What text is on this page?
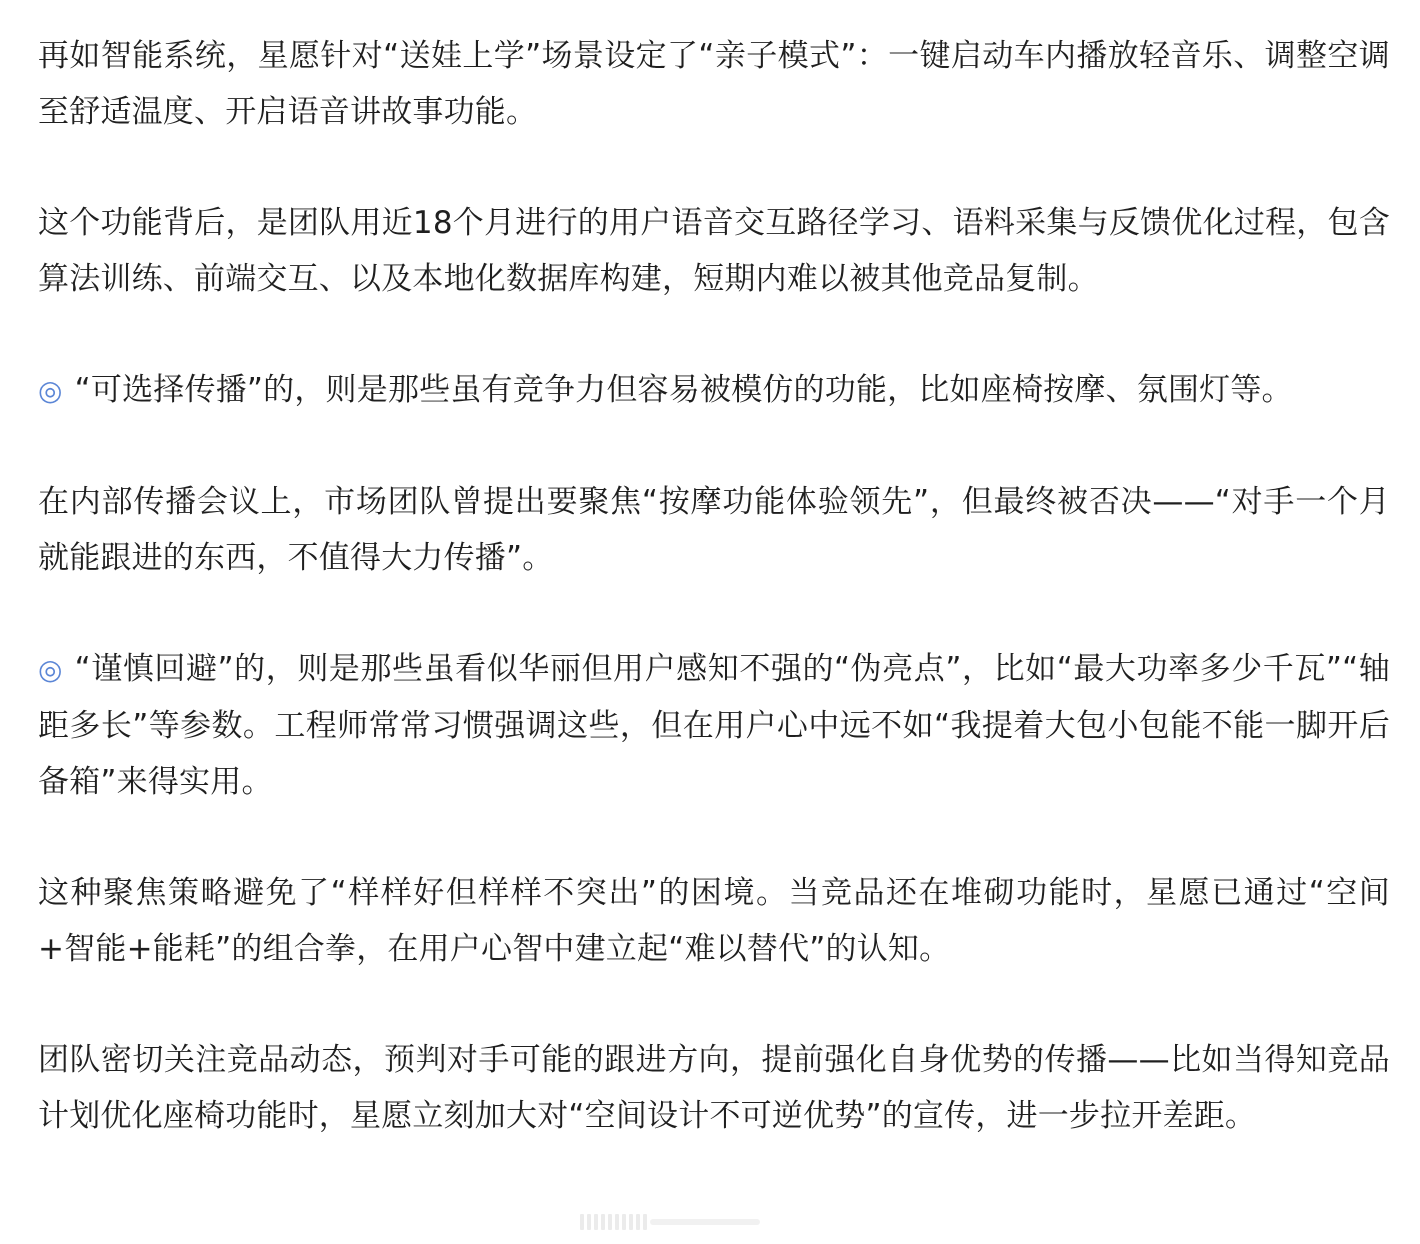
再如智能系统，星愿针对“送娃上学”场景设定了“亲子模式”：一键启动车内播放轻音乐、调整空调至舒适温度、开启语音讲故事功能。

这个功能背后，是团队用近18个月进行的用户语音交互路径学习、语料采集与反馈优化过程，包含算法训练、前端交互、以及本地化数据库构建，短期内难以被其他竞品复制。

◎ “可选择传播”的，则是那些虽有竞争力但容易被模仿的功能，比如座椅按摩、氛围灯等。

在内部传播会议上，市场团队曾提出要聚焦“按摩功能体验领先”，但最终被否决——“对手一个月就能跟进的东西，不值得大力传播”。

◎ “谨慎回避”的，则是那些虽看似华丽但用户感知不强的“伪亮点”，比如“最大功率多少千瓦”“轴距多长”等参数。工程师常常习惯强调这些，但在用户心中远不如“我提着大包小包能不能一脚开后备箱”来得实用。

这种聚焦策略避免了“样样好但样样不突出”的困境。当竞品还在堆砌功能时，星愿已通过“空间+智能+能耗”的组合拳，在用户心智中建立起“难以替代”的认知。

团队密切关注竞品动态，预判对手可能的跟进方向，提前强化自身优势的传播——比如当得知竞品计划优化座椅功能时，星愿立刻加大对“空间设计不可逆优势”的宣传，进一步拉开差距。
